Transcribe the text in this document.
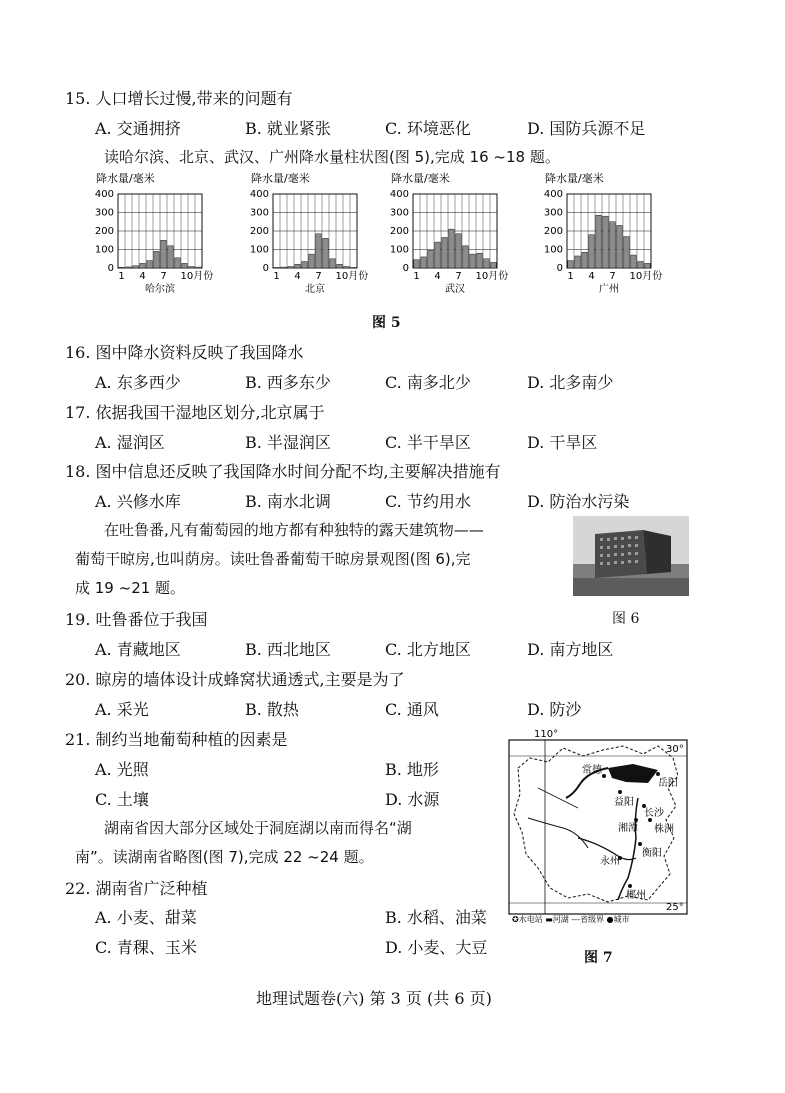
15. 人口增长过慢,带来的问题有
A. 交通拥挤	B. 就业紧张	C. 环境恶化	D. 国防兵源不足
读哈尔滨、北京、武汉、广州降水量柱状图(图 5),完成 16 ~18 题。
降水量/毫米
400
300
200
100
0
1 4 7 10月份
哈尔滨
降水量/毫米
400
300
200
100
0
1 4 7 10月份
北京
降水量/毫米
400
300
200
100
0
1 4 7 10月份
武汉
降水量/毫米
400
300
200
100
0
1 4 7 10月份
广州
图 5
16. 图中降水资料反映了我国降水
A. 东多西少	B. 西多东少	C. 南多北少	D. 北多南少
17. 依据我国干湿地区划分,北京属于
A. 湿润区	B. 半湿润区	C. 半干旱区	D. 干旱区
18. 图中信息还反映了我国降水时间分配不均,主要解决措施有
A. 兴修水库	B. 南水北调	C. 节约用水	D. 防治水污染
在吐鲁番,凡有葡萄园的地方都有种独特的露天建筑物——
葡萄干晾房,也叫荫房。读吐鲁番葡萄干晾房景观图(图 6),完
成 19 ~21 题。
图 6
19. 吐鲁番位于我国
A. 青藏地区	B. 西北地区	C. 北方地区	D. 南方地区
20. 晾房的墙体设计成蜂窝状通透式,主要是为了
A. 采光	B. 散热	C. 通风	D. 防沙
21. 制约当地葡萄种植的因素是
A. 光照	B. 地形
C. 土壤	D. 水源
湖南省因大部分区域处于洞庭湖以南而得名“湖
南”。读湖南省略图(图 7),完成 22 ~24 题。
22. 湖南省广泛种植
A. 小麦、甜菜	B. 水稻、油菜
C. 青稞、玉米	D. 小麦、大豆
110°
30°
25°
常德
岳阳
益阳
长沙
湘潭 株洲
衡阳
永州
郴州
✪水电站 ▬河湖 ---省级界 ●城市
图 7
地理试题卷(六) 第 3 页 (共 6 页)
